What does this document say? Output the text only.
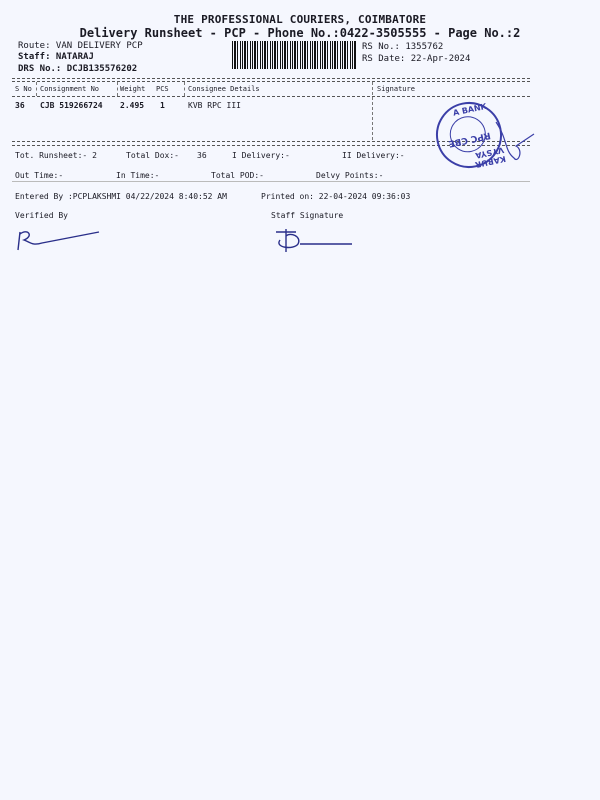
THE PROFESSIONAL COURIERS, COIMBATORE
Delivery Runsheet - PCP - Phone No.:0422-3505555 - Page No.:2
Route: VAN DELIVERY PCP
Staff: NATARAJ
DRS No.: DCJB135576202
RS No.: 1355762
RS Date: 22-Apr-2024
S No Consignment No	Weight PCS	Consignee Details	Signature
36 CJB 519266724 2.495 1	KVB RPC III
Tot. Runsheet:- 2	Total Dox:- 36	I Delivery:-	II Delivery:-
Out Time:-	In Time:-	Total POD:-	Delvy Points:-
Entered By :PCPLAKSHMI 04/22/2024 8:40:52 AM	Printed on: 22-04-2024 09:36:03
Verified By	Staff Signature
A BANK
RPC CBE
KARUR VYSYA
